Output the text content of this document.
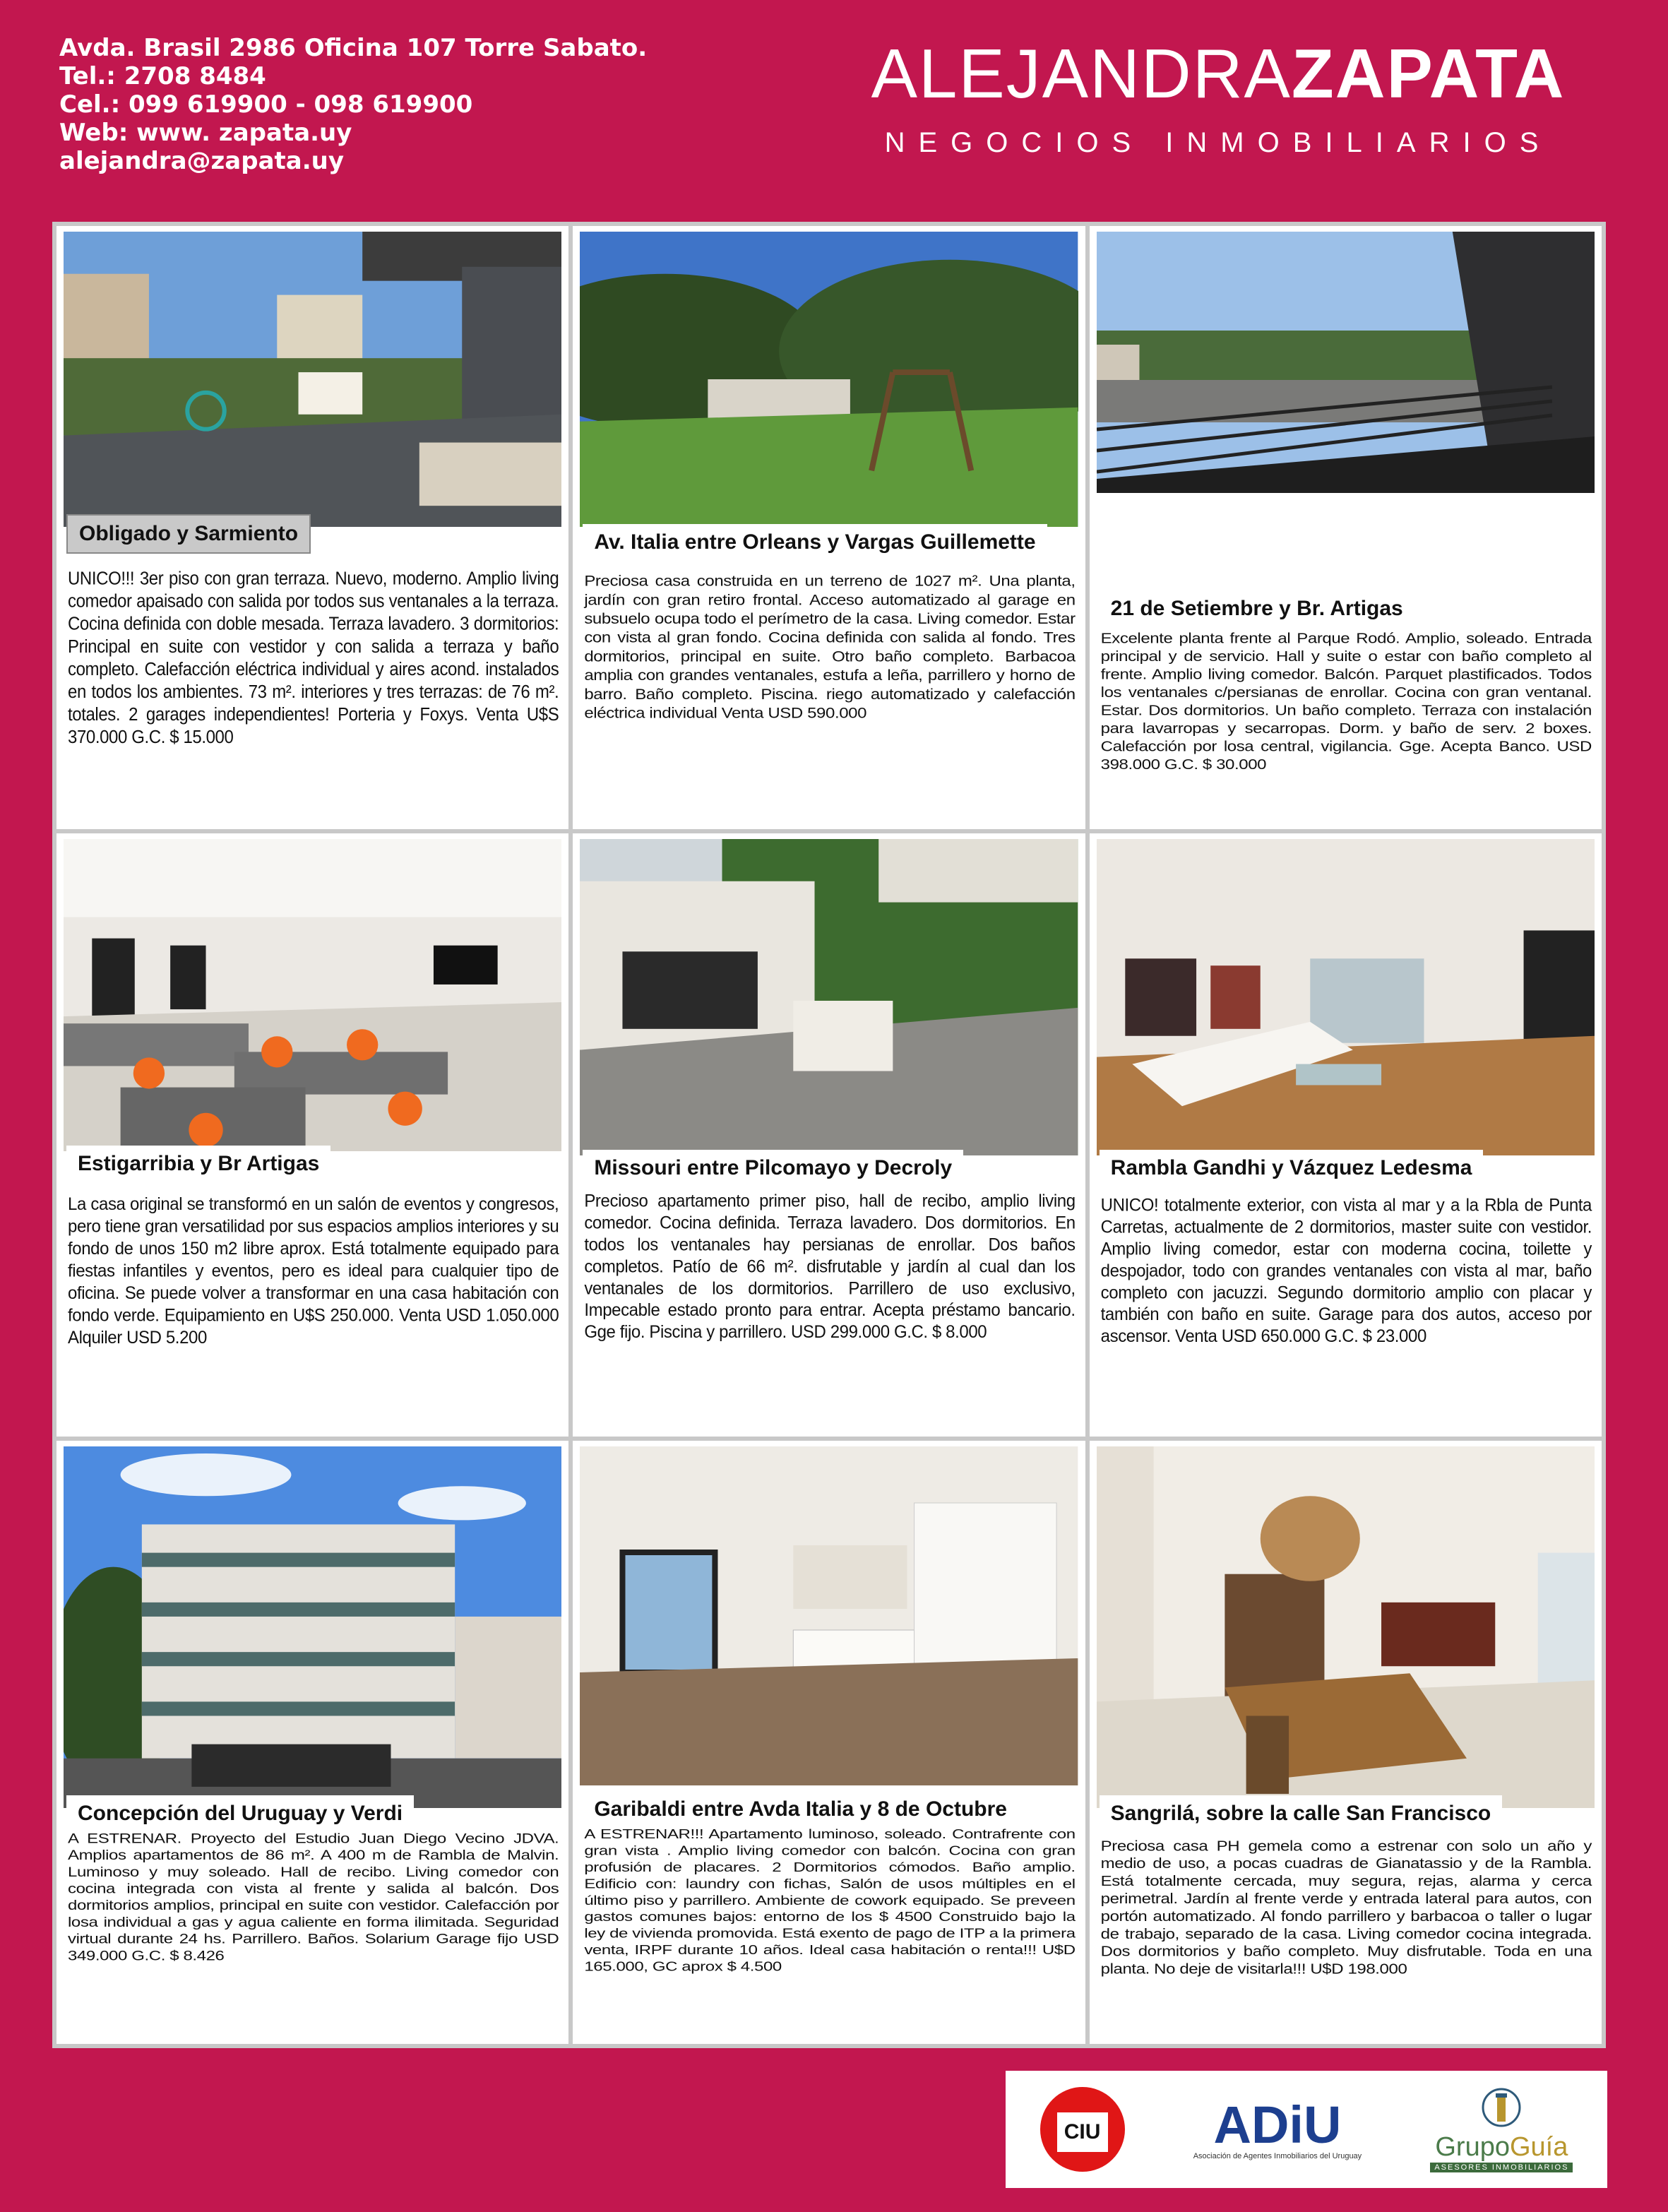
Avda. Brasil 2986 Oficina 107 Torre Sabato.
Tel.: 2708 8484
Cel.: 099 619900 - 098 619900
Web: www. zapata.uy
alejandra@zapata.uy
ALEJANDRAZAPATA
NEGOCIOS INMOBILIARIOS
Obligado y Sarmiento
UNICO!!! 3er piso con gran terraza. Nuevo, moderno. Amplio living comedor apaisado con salida por todos sus ventanales a la terraza. Cocina definida con doble mesada. Terraza lavadero. 3 dormitorios: Principal en suite con vestidor y con salida a terraza y baño completo. Calefacción eléctrica individual y aires acond. instalados en todos los ambientes. 73 m². interiores y tres terrazas: de 76 m². totales. 2 garages independientes! Porteria y Foxys. Venta U$S 370.000 G.C. $ 15.000
Av. Italia entre Orleans y Vargas Guillemette
Preciosa casa construida en un terreno de 1027 m². Una planta, jardín con gran retiro frontal. Acceso automatizado al garage en subsuelo ocupa todo el perímetro de la casa. Living comedor. Estar con vista al gran fondo. Cocina definida con salida al fondo. Tres dormitorios, principal en suite. Otro baño completo. Barbacoa amplia con grandes ventanales, estufa a leña, parrillero y horno de barro. Baño completo. Piscina. riego automatizado y calefacción eléctrica individual Venta USD 590.000
21 de Setiembre y Br. Artigas
Excelente planta frente al Parque Rodó. Amplio, soleado. Entrada principal y de servicio. Hall y suite o estar con baño completo al frente. Amplio living comedor. Balcón. Parquet plastificados. Todos los ventanales c/persianas de enrollar. Cocina con gran ventanal. Estar. Dos dormitorios. Un baño completo. Terraza con instalación para lavarropas y secarropas. Dorm. y baño de serv. 2 boxes. Calefacción por losa central, vigilancia. Gge. Acepta Banco. USD 398.000 G.C. $ 30.000
Estigarribia y Br Artigas
La casa original se transformó en un salón de eventos y congresos, pero tiene gran versatilidad por sus espacios amplios interiores y su fondo de unos 150 m2 libre aprox. Está totalmente equipado para fiestas infantiles y eventos, pero es ideal para cualquier tipo de oficina. Se puede volver a transformar en una casa habitación con fondo verde. Equipamiento en U$S 250.000. Venta USD 1.050.000 Alquiler USD 5.200
Missouri entre Pilcomayo y Decroly
Precioso apartamento primer piso, hall de recibo, amplio living comedor. Cocina definida. Terraza lavadero. Dos dormitorios. En todos los ventanales hay persianas de enrollar. Dos baños completos. Patío de 66 m². disfrutable y jardín al cual dan los ventanales de los dormitorios. Parrillero de uso exclusivo, Impecable estado pronto para entrar. Acepta préstamo bancario. Gge fijo. Piscina y parrillero. USD 299.000 G.C. $ 8.000
Rambla Gandhi y Vázquez Ledesma
UNICO! totalmente exterior, con vista al mar y a la Rbla de Punta Carretas, actualmente de 2 dormitorios, master suite con vestidor. Amplio living comedor, estar con moderna cocina, toilette y despojador, todo con grandes ventanales con vista al mar, baño completo con jacuzzi. Segundo dormitorio amplio con placar y también con baño en suite. Garage para dos autos, acceso por ascensor. Venta USD 650.000 G.C. $ 23.000
Concepción del Uruguay y Verdi
A ESTRENAR. Proyecto del Estudio Juan Diego Vecino JDVA. Amplios apartamentos de 86 m². A 400 m de Rambla de Malvin. Luminoso y muy soleado. Hall de recibo. Living comedor con cocina integrada con vista al frente y salida al balcón. Dos dormitorios amplios, principal en suite con vestidor. Calefacción por losa individual a gas y agua caliente en forma ilimitada. Seguridad virtual durante 24 hs. Parrillero. Baños. Solarium Garage fijo USD 349.000 G.C. $ 8.426
Garibaldi entre Avda Italia y 8 de Octubre
A ESTRENAR!!! Apartamento luminoso, soleado. Contrafrente con gran vista . Amplio living comedor con balcón. Cocina con gran profusión de placares. 2 Dormitorios cómodos. Baño amplio. Edificio con: laundry con fichas, Salón de usos múltiples en el último piso y parrillero. Ambiente de cowork equipado. Se preveen gastos comunes bajos: entorno de los $ 4500 Construido bajo la ley de vivienda promovida. Está exento de pago de ITP a la primera venta, IRPF durante 10 años. Ideal casa habitación o renta!!! U$D 165.000, GC aprox $ 4.500
Sangrilá, sobre la calle San Francisco
Preciosa casa PH gemela como a estrenar con solo un año y medio de uso, a pocas cuadras de Gianatassio y de la Rambla. Está totalmente cercada, muy segura, rejas, alarma y cerca perimetral. Jardín al frente verde y entrada lateral para autos, con portón automatizado. Al fondo parrillero y barbacoa o taller o lugar de trabajo, separado de la casa. Living comedor cocina integrada. Dos dormitorios y baño completo. Muy disfrutable. Toda en una planta. No deje de visitarla!!! U$D 198.000
CIU	ADiU
Asociación de Agentes Inmobiliarios del Uruguay	GrupoGuía
ASESORES INMOBILIARIOS
